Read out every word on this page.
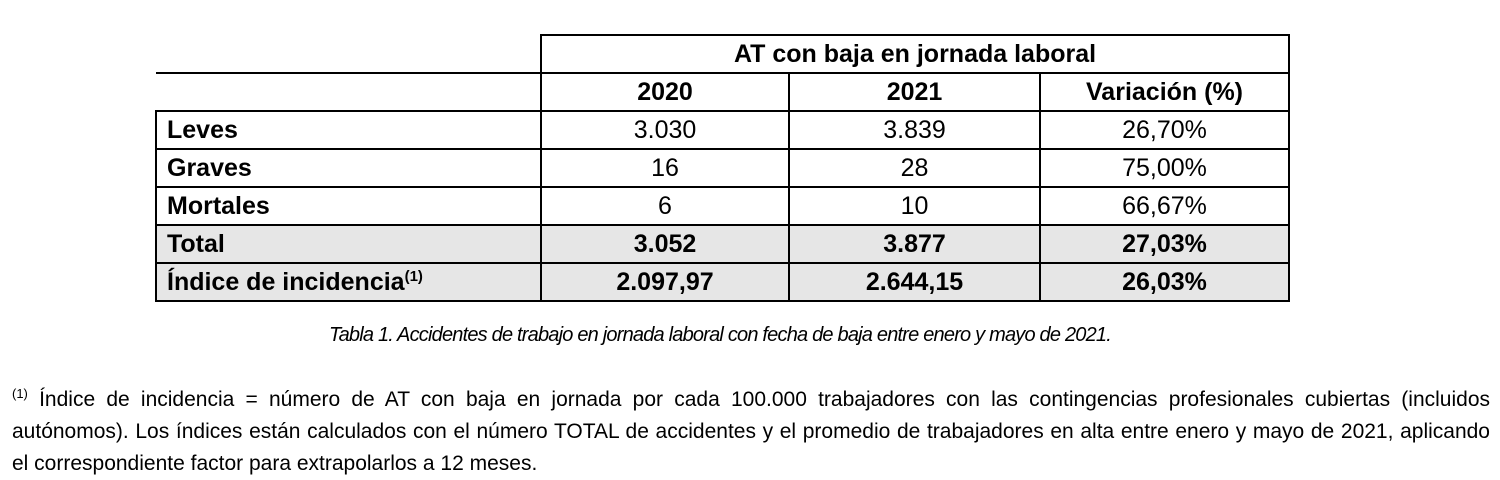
	AT con baja en jornada laboral		
	2020	2021	Variación (%)
Leves	3.030	3.839	26,70%
Graves	16	28	75,00%
Mortales	6	10	66,67%
Total	3.052	3.877	27,03%
Índice de incidencia$^{(1)}$	2.097,97	2.644,15	26,03%
Tabla 1. Accidentes de trabajo en jornada laboral con fecha de baja entre enero y mayo de 2021.
$^{(1)}$ Índice de incidencia = número de AT con baja en jornada por cada 100.000 trabajadores con las contingencias profesionales cubiertas (incluidos autónomos). Los índices están calculados con el número TOTAL de accidentes y el promedio de trabajadores en alta entre enero y mayo de 2021, aplicando el correspondiente factor para extrapolarlos a 12 meses.
